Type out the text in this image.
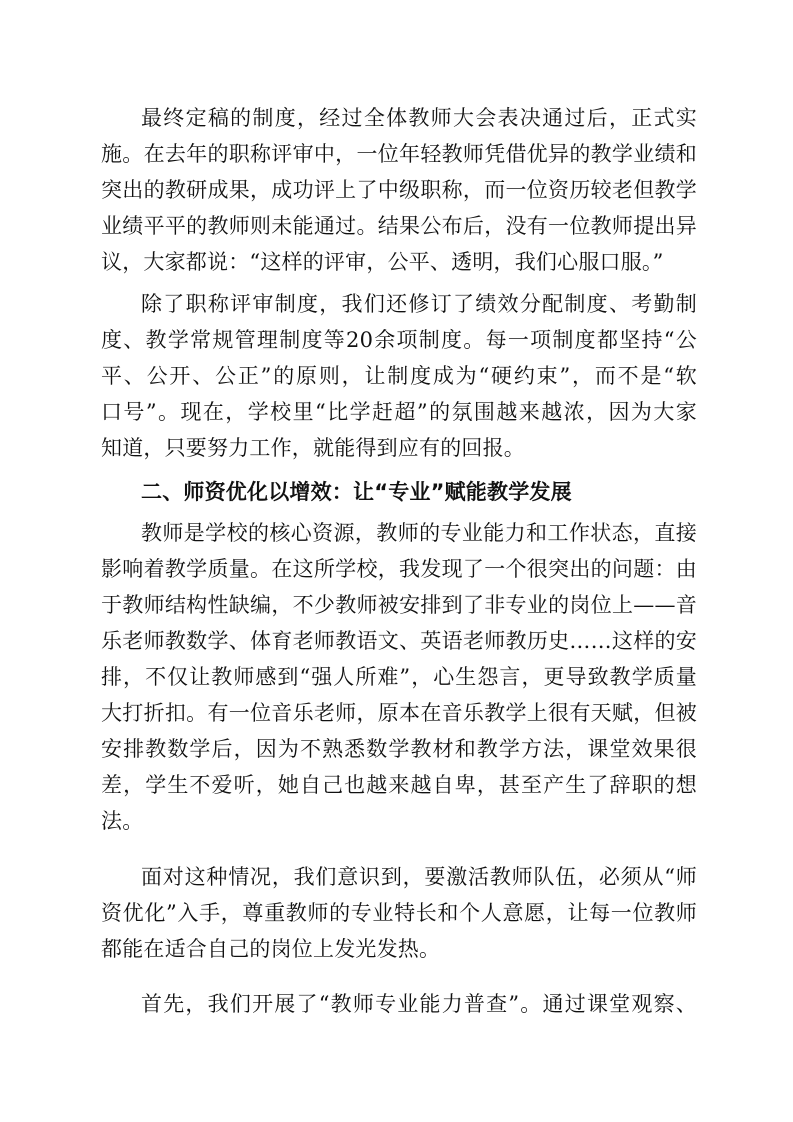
最终定稿的制度，经过全体教师大会表决通过后，正式实
施。在去年的职称评审中，一位年轻教师凭借优异的教学业绩和
突出的教研成果，成功评上了中级职称，而一位资历较老但教学
业绩平平的教师则未能通过。结果公布后，没有一位教师提出异
议，大家都说：“这样的评审，公平、透明，我们心服口服。”
除了职称评审制度，我们还修订了绩效分配制度、考勤制
度、教学常规管理制度等20余项制度。每一项制度都坚持“公
平、公开、公正”的原则，让制度成为“硬约束”，而不是“软
口号”。现在，学校里“比学赶超”的氛围越来越浓，因为大家
知道，只要努力工作，就能得到应有的回报。
二、师资优化以增效：让“专业”赋能教学发展
教师是学校的核心资源，教师的专业能力和工作状态，直接
影响着教学质量。在这所学校，我发现了一个很突出的问题：由
于教师结构性缺编，不少教师被安排到了非专业的岗位上——音
乐老师教数学、体育老师教语文、英语老师教历史……这样的安
排，不仅让教师感到“强人所难”，心生怨言，更导致教学质量
大打折扣。有一位音乐老师，原本在音乐教学上很有天赋，但被
安排教数学后，因为不熟悉数学教材和教学方法，课堂效果很
差，学生不爱听，她自己也越来越自卑，甚至产生了辞职的想
法。
面对这种情况，我们意识到，要激活教师队伍，必须从“师
资优化”入手，尊重教师的专业特长和个人意愿，让每一位教师
都能在适合自己的岗位上发光发热。
首先，我们开展了“教师专业能力普查”。通过课堂观察、
